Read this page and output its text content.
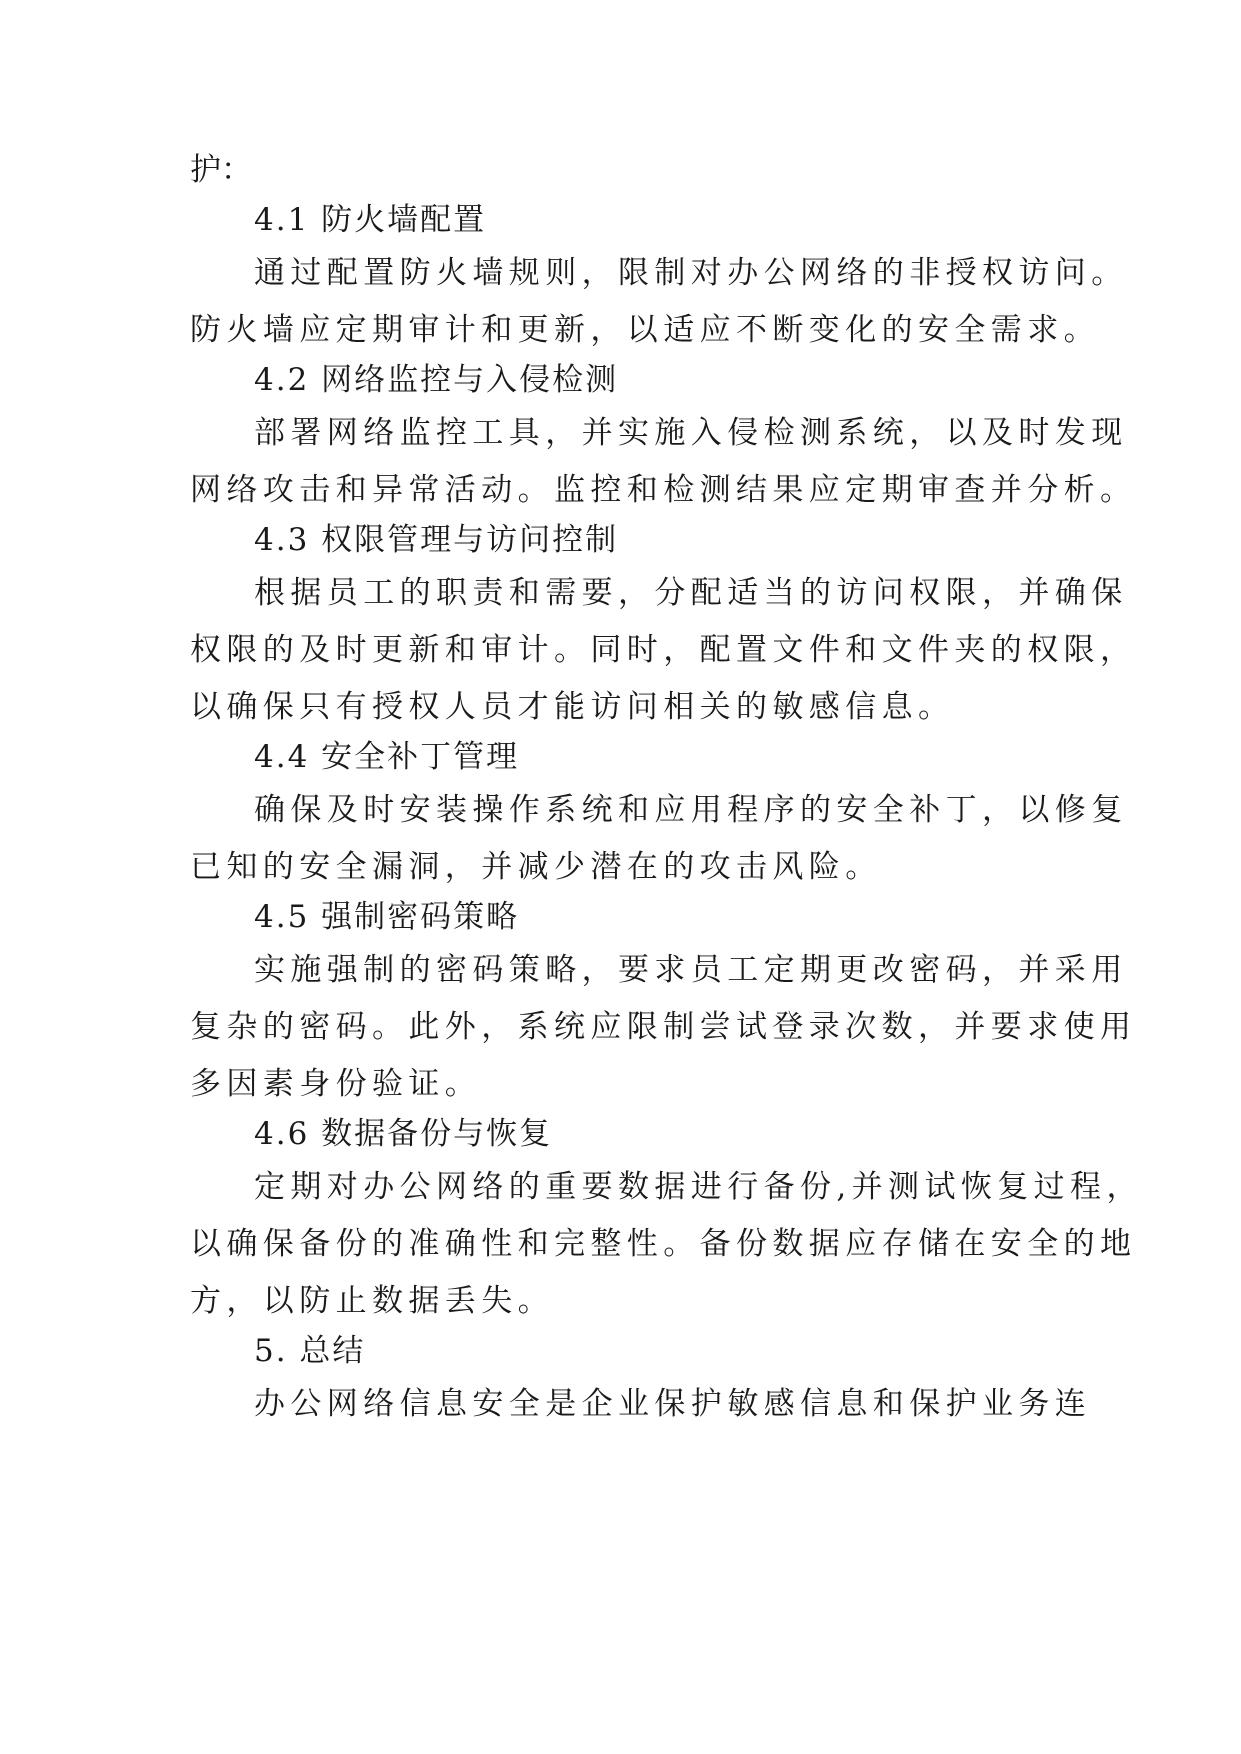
护：
4.1 防火墙配置
通过配置防火墙规则，限制对办公网络的非授权访问。
防火墙应定期审计和更新，以适应不断变化的安全需求。
4.2 网络监控与入侵检测
部署网络监控工具，并实施入侵检测系统，以及时发现
网络攻击和异常活动。监控和检测结果应定期审查并分析。
4.3 权限管理与访问控制
根据员工的职责和需要，分配适当的访问权限，并确保
权限的及时更新和审计。同时，配置文件和文件夹的权限，
以确保只有授权人员才能访问相关的敏感信息。
4.4 安全补丁管理
确保及时安装操作系统和应用程序的安全补丁，以修复
已知的安全漏洞，并减少潜在的攻击风险。
4.5 强制密码策略
实施强制的密码策略，要求员工定期更改密码，并采用
复杂的密码。此外，系统应限制尝试登录次数，并要求使用
多因素身份验证。
4.6 数据备份与恢复
定期对办公网络的重要数据进行备份,并测试恢复过程，
以确保备份的准确性和完整性。备份数据应存储在安全的地
方，以防止数据丢失。
5. 总结
办公网络信息安全是企业保护敏感信息和保护业务连
